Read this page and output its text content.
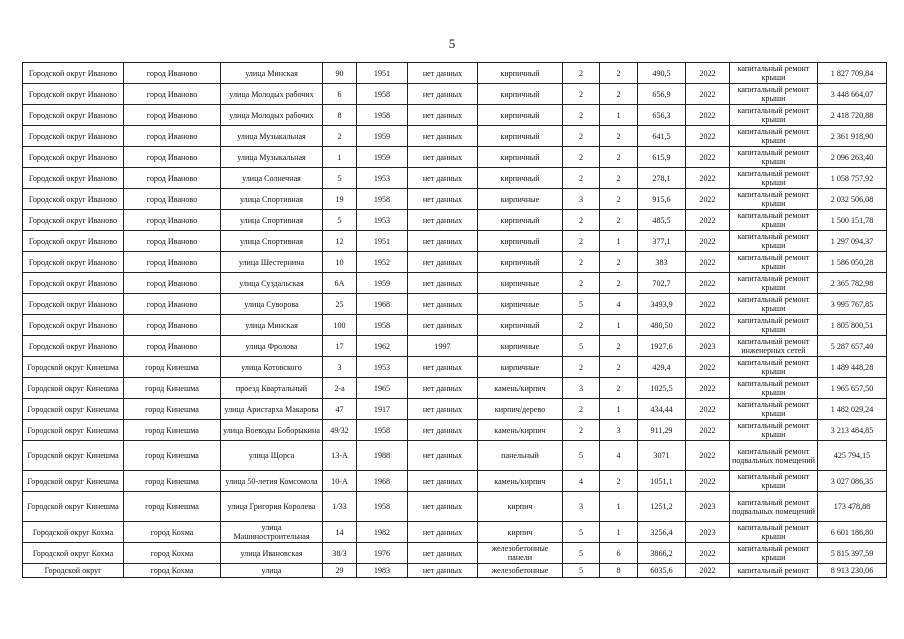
5
Городской округ Иваново	город Иваново	улица Минская	90	1951	нет данных	кирпичный	2	2	490,5	2022	капитальный ремонт крыши	1 827 709,84
Городской округ Иваново	город Иваново	улица Молодых рабочих	6	1958	нет данных	кирпичный	2	2	656,9	2022	капитальный ремонт крыши	3 448 664,07
Городской округ Иваново	город Иваново	улица Молодых рабочих	8	1958	нет данных	кирпичный	2	1	656,3	2022	капитальный ремонт крыши	2 418 720,88
Городской округ Иваново	город Иваново	улица Музыкальная	2	1959	нет данных	кирпичный	2	2	641,5	2022	капитальный ремонт крыши	2 361 918,90
Городской округ Иваново	город Иваново	улица Музыкальная	1	1959	нет данных	кирпичный	2	2	615,9	2022	капитальный ремонт крыши	2 096 263,40
Городской округ Иваново	город Иваново	улица Солнечная	5	1953	нет данных	кирпичный	2	2	278,1	2022	капитальный ремонт крыши	1 058 757,92
Городской округ Иваново	город Иваново	улица Спортивная	19	1958	нет данных	кирпичные	3	2	915,6	2022	капитальный ремонт крыши	2 032 506,08
Городской округ Иваново	город Иваново	улица Спортивная	5	1953	нет данных	кирпичный	2	2	485,5	2022	капитальный ремонт крыши	1 500 151,78
Городской округ Иваново	город Иваново	улица Спортивная	12	1951	нет данных	кирпичный	2	1	377,1	2022	капитальный ремонт крыши	1 297 094,37
Городской округ Иваново	город Иваново	улица Шестернина	10	1952	нет данных	кирпичный	2	2	383	2022	капитальный ремонт крыши	1 586 050,28
Городской округ Иваново	город Иваново	улица Суздальская	6А	1959	нет данных	кирпичные	2	2	702,7	2022	капитальный ремонт крыши	2 365 782,98
Городской округ Иваново	город Иваново	улица Суворова	25	1968	нет данных	кирпичные	5	4	3493,9	2022	капитальный ремонт крыши	3 995 767,85
Городской округ Иваново	город Иваново	улица Минская	100	1958	нет данных	кирпичный	2	1	480,50	2022	капитальный ремонт крыши	1 805 800,51
Городской округ Иваново	город Иваново	улица Фролова	17	1962	1997	кирпичные	5	2	1927,6	2023	капитальный ремонт инженерных сетей	5 287 657,40
Городской округ Кинешма	город Кинешма	улица Котовского	3	1953	нет данных	кирпичные	2	2	429,4	2022	капитальный ремонт крыши	1 489 448,28
Городской округ Кинешма	город Кинешма	проезд Квартальный	2-а	1965	нет данных	камень/кирпич	3	2	1025,5	2022	капитальный ремонт крыши	1 965 657,50
Городской округ Кинешма	город Кинешма	улица Аристарха Макарова	47	1917	нет данных	кирпич/дерево	2	1	434,44	2022	капитальный ремонт крыши	1 482 029,24
Городской округ Кинешма	город Кинешма	улица Воеводы Боборыкина	49/32	1958	нет данных	камень/кирпич	2	3	911,29	2022	капитальный ремонт крыши	3 213 484,85
Городской округ Кинешма	город Кинешма	улица Щорса	13-А	1988	нет данных	панельный	5	4	3071	2022	капитальный ремонт подвальных помещений	425 794,15
Городской округ Кинешма	город Кинешма	улица 50-летия Комсомола	10-А	1968	нет данных	камень/кирпич	4	2	1051,1	2022	капитальный ремонт крыши	3 027 086,35
Городской округ Кинешма	город Кинешма	улица Григория Королева	1/33	1958	нет данных	кирпич	3	1	1251,2	2023	капитальный ремонт подвальных помещений	173 478,88
Городской округ Кохма	город Кохма	улица Машиностроительная	14	1982	нет данных	кирпич	5	1	3256,4	2023	капитальный ремонт крыши	6 601 186,80
Городской округ Кохма	город Кохма	улица Ивановская	38/3	1976	нет данных	железобетонные панели	5	6	3866,2	2022	капитальный ремонт крыши	5 815 397,59
Городской округ	город Кохма	улица	29	1983	нет данных	железобетонные	5	8	6035,6	2022	капитальный ремонт	8 913 230,06
